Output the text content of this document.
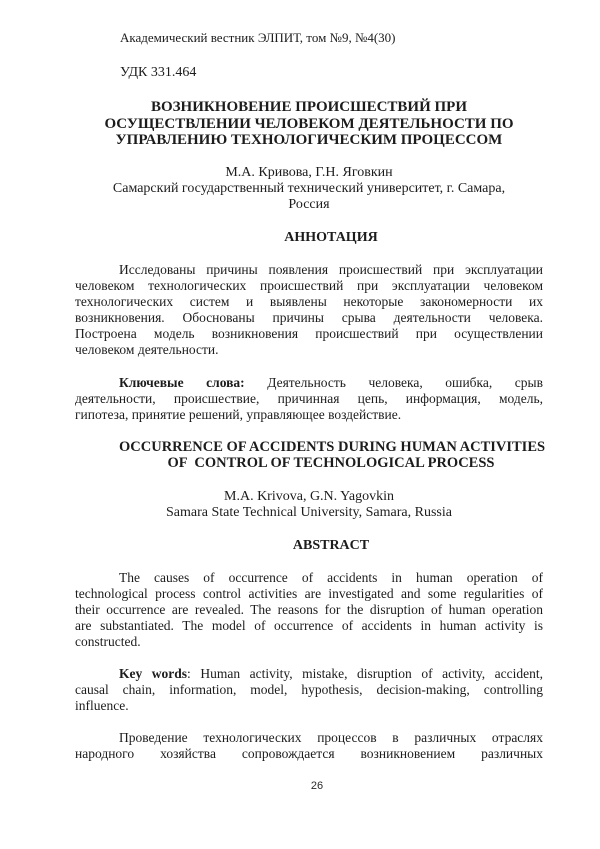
Академический вестник ЭЛПИТ, том №9, №4(30)
УДК 331.464
ВОЗНИКНОВЕНИЕ ПРОИСШЕСТВИЙ ПРИ
ОСУЩЕСТВЛЕНИИ ЧЕЛОВЕКОМ ДЕЯТЕЛЬНОСТИ ПО
УПРАВЛЕНИЮ ТЕХНОЛОГИЧЕСКИМ ПРОЦЕССОМ
М.А. Кривова, Г.Н. Яговкин
Самарский государственный технический университет, г. Самара,
Россия
АННОТАЦИЯ
Исследованы причины появления происшествий при эксплуатации
человеком технологических происшествий при эксплуатации человеком
технологических систем и выявлены некоторые закономерности их
возникновения. Обоснованы причины срыва деятельности человека.
Построена модель возникновения происшествий при осуществлении
человеком деятельности.
Ключевые слова: Деятельность человека, ошибка, срыв
деятельности, происшествие, причинная цепь, информация, модель,
гипотеза, принятие решений, управляющее воздействие.
OCCURRENCE OF ACCIDENTS DURING HUMAN ACTIVITIES
OF  CONTROL OF TECHNOLOGICAL PROCESS
M.A. Krivova, G.N. Yagovkin
Samara State Technical University, Samara, Russia
ABSTRACT
The causes of occurrence of accidents in human operation of
technological process control activities are investigated and some regularities of
their occurrence are revealed. The reasons for the disruption of human operation
are substantiated. The model of occurrence of accidents in human activity is
constructed.
Key words: Human activity, mistake, disruption of activity, accident,
causal chain, information, model, hypothesis, decision-making, controlling
influence.
Проведение технологических процессов в различных отраслях
народного хозяйства сопровождается возникновением различных
26
